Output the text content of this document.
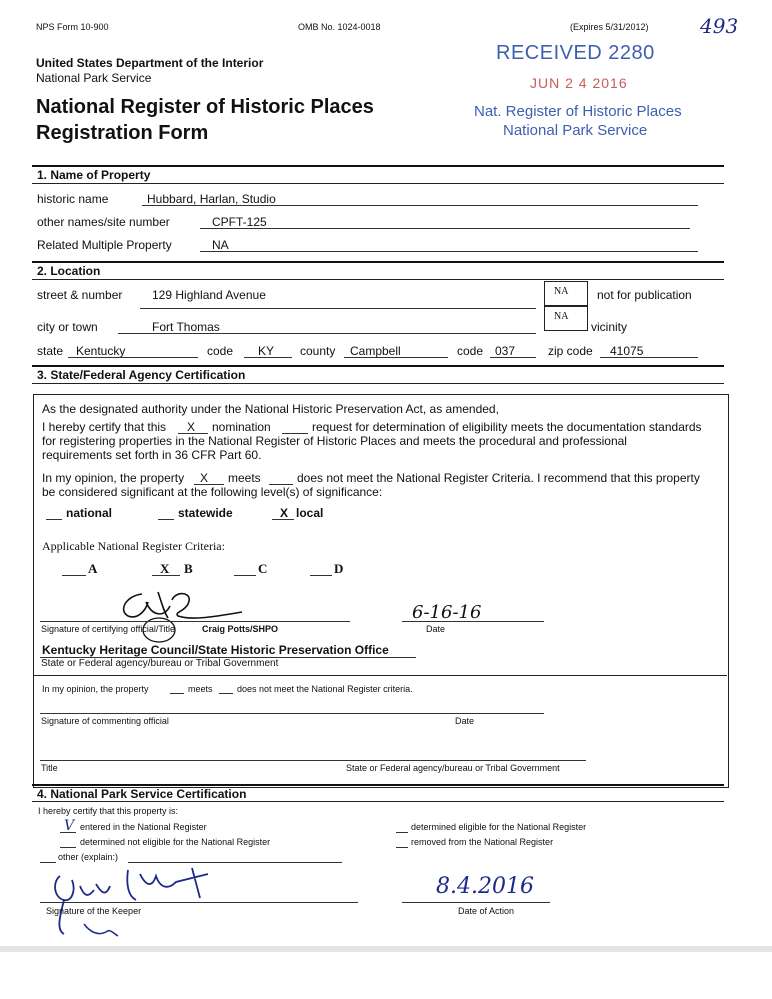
NPS Form 10-900	OMB No. 1024-0018	(Expires 5/31/2012)	493
United States Department of the Interior
National Park Service
National Register of Historic Places
Registration Form
RECEIVED 2280
JUN 2 4 2016
Nat. Register of Historic Places
National Park Service
1. Name of Property
historic name	Hubbard, Harlan, Studio
other names/site number	CPFT-125
Related Multiple Property	NA
2. Location
street & number 129 Highland Avenue	NA not for publication
city or town	Fort Thomas
NA
vicinity
state Kentucky	code KY county Campbell	code 037	zip code 41075
3. State/Federal Agency Certification
As the designated authority under the National Historic Preservation Act, as amended,
I hereby certify that this X nomination	request for determination of eligibility meets the documentation standards
for registering properties in the National Register of Historic Places and meets the procedural and professional
requirements set forth in 36 CFR Part 60.
In my opinion, the property X meets	does not meet the National Register Criteria. I recommend that this property
be considered significant at the following level(s) of significance:
national	statewide	X local
Applicable National Register Criteria:
A	X B	C	D
Signature of certifying official/Title	Craig Potts/SHPO
6-16-16
Date
Kentucky Heritage Council/State Historic Preservation Office
State or Federal agency/bureau or Tribal Government
In my opinion, the property	meets	does not meet the National Register criteria.
Signature of commenting official	Date
Title	State or Federal agency/bureau or Tribal Government
4. National Park Service Certification
I hereby certify that this property is:
V entered in the National Register	determined eligible for the National Register
determined not eligible for the National Register	removed from the National Register
other (explain:)
8.4.2016
Signature of the Keeper	Date of Action
